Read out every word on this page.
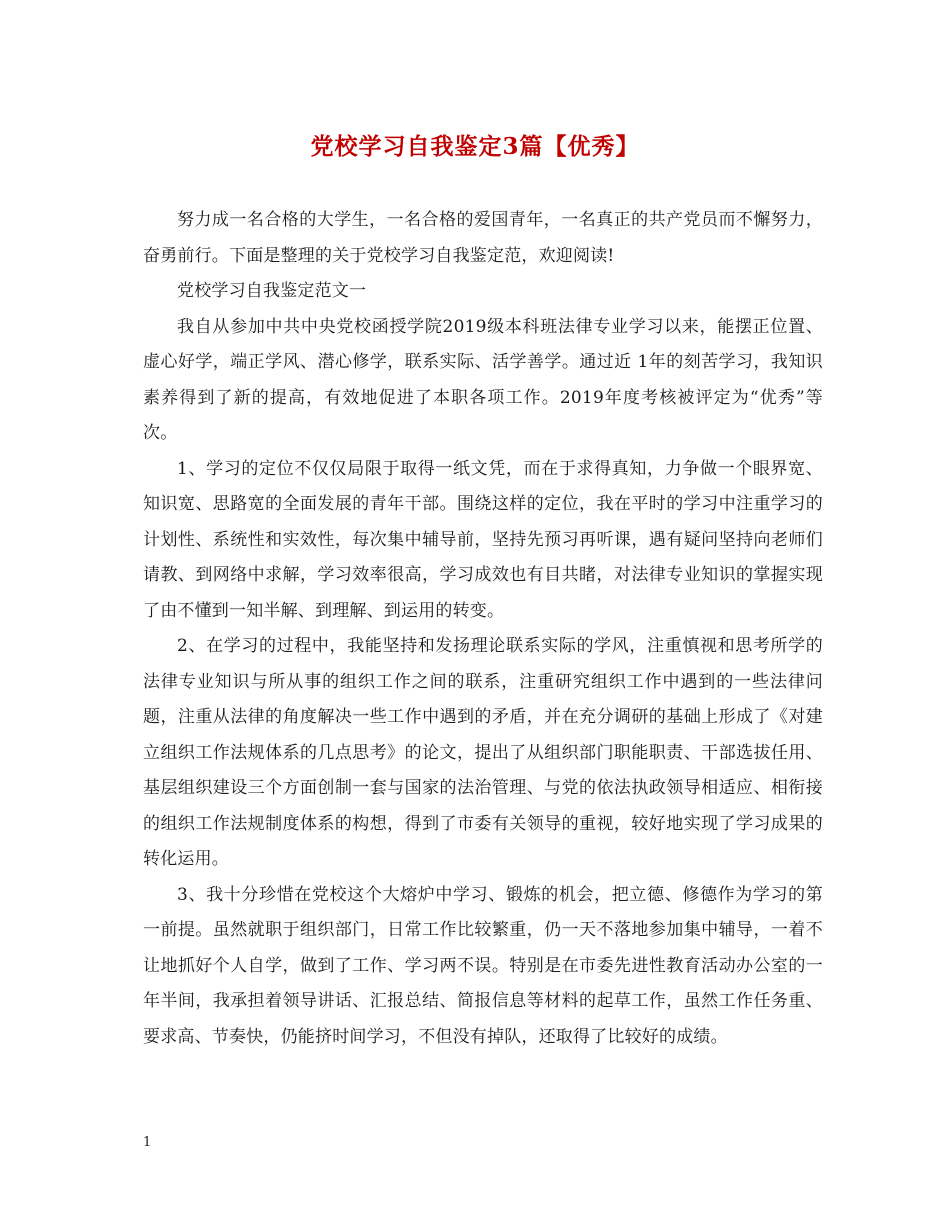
党校学习自我鉴定3篇【优秀】

努力成一名合格的大学生，一名合格的爱国青年，一名真正的共产党员而不懈努力，奋勇前行。下面是整理的关于党校学习自我鉴定范，欢迎阅读!

党校学习自我鉴定范文一

我自从参加中共中央党校函授学院2019级本科班法律专业学习以来，能摆正位置、虚心好学，端正学风、潜心修学，联系实际、活学善学。通过近 1年的刻苦学习，我知识素养得到了新的提高，有效地促进了本职各项工作。2019年度考核被评定为“优秀”等次。

1、学习的定位不仅仅局限于取得一纸文凭，而在于求得真知，力争做一个眼界宽、知识宽、思路宽的全面发展的青年干部。围绕这样的定位，我在平时的学习中注重学习的计划性、系统性和实效性，每次集中辅导前，坚持先预习再听课，遇有疑问坚持向老师们请教、到网络中求解，学习效率很高，学习成效也有目共睹，对法律专业知识的掌握实现了由不懂到一知半解、到理解、到运用的转变。

2、在学习的过程中，我能坚持和发扬理论联系实际的学风，注重慎视和思考所学的法律专业知识与所从事的组织工作之间的联系，注重研究组织工作中遇到的一些法律问题，注重从法律的角度解决一些工作中遇到的矛盾，并在充分调研的基础上形成了《对建立组织工作法规体系的几点思考》的论文，提出了从组织部门职能职责、干部选拔任用、基层组织建设三个方面创制一套与国家的法治管理、与党的依法执政领导相适应、相衔接的组织工作法规制度体系的构想，得到了市委有关领导的重视，较好地实现了学习成果的转化运用。

3、我十分珍惜在党校这个大熔炉中学习、锻炼的机会，把立德、修德作为学习的第一前提。虽然就职于组织部门，日常工作比较繁重，仍一天不落地参加集中辅导，一着不让地抓好个人自学，做到了工作、学习两不误。特别是在市委先进性教育活动办公室的一年半间，我承担着领导讲话、汇报总结、简报信息等材料的起草工作，虽然工作任务重、要求高、节奏快，仍能挤时间学习，不但没有掉队，还取得了比较好的成绩。

1
